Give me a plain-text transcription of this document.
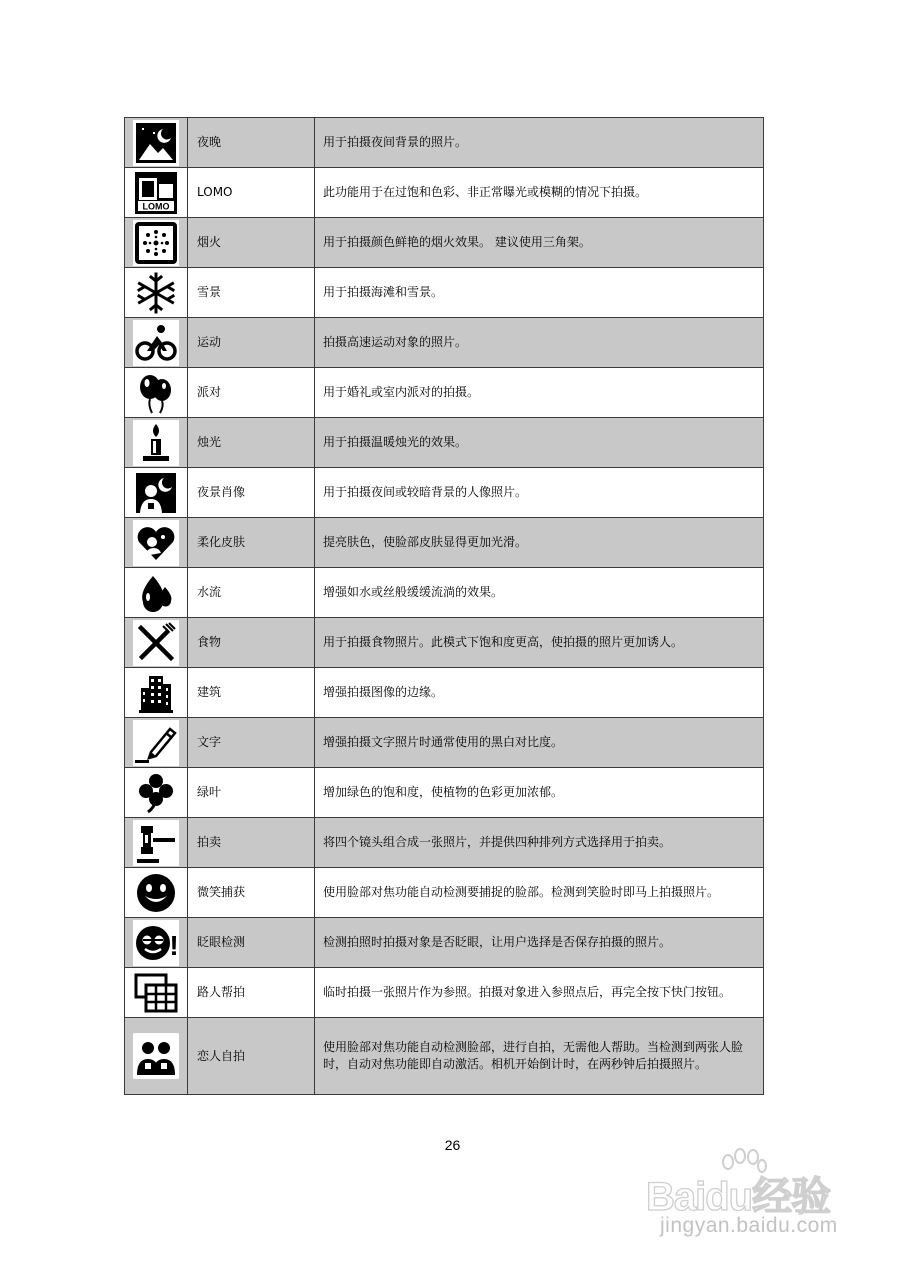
	夜晚	用于拍摄夜间背景的照片。

LOMO	LOMO	此功能用于在过饱和色彩、非正常曝光或模糊的情况下拍摄。

	烟火	用于拍摄颜色鲜艳的烟火效果。 建议使用三角架。

	雪景	用于拍摄海滩和雪景。

	运动	拍摄高速运动对象的照片。

	派对	用于婚礼或室内派对的拍摄。

	烛光	用于拍摄温暖烛光的效果。

	夜景肖像	用于拍摄夜间或较暗背景的人像照片。

	柔化皮肤	提亮肤色，使脸部皮肤显得更加光滑。

	水流	增强如水或丝般缓缓流淌的效果。

	食物	用于拍摄食物照片。此模式下饱和度更高，使拍摄的照片更加诱人。

	建筑	增强拍摄图像的边缘。

	文字	增强拍摄文字照片时通常使用的黑白对比度。

	绿叶	增加绿色的饱和度，使植物的色彩更加浓郁。

	拍卖	将四个镜头组合成一张照片，并提供四种排列方式选择用于拍卖。

	微笑捕获	使用脸部对焦功能自动检测要捕捉的脸部。检测到笑脸时即马上拍摄照片。

!	眨眼检测	检测拍照时拍摄对象是否眨眼，让用户选择是否保存拍摄的照片。

	路人帮拍	临时拍摄一张照片作为参照。拍摄对象进入参照点后，再完全按下快门按钮。

	恋人自拍	使用脸部对焦功能自动检测脸部，进行自拍，无需他人帮助。当检测到两张人脸时，自动对焦功能即自动激活。相机开始倒计时，在两秒钟后拍摄照片。
26
Baidu经验
jingyan.baidu.com
